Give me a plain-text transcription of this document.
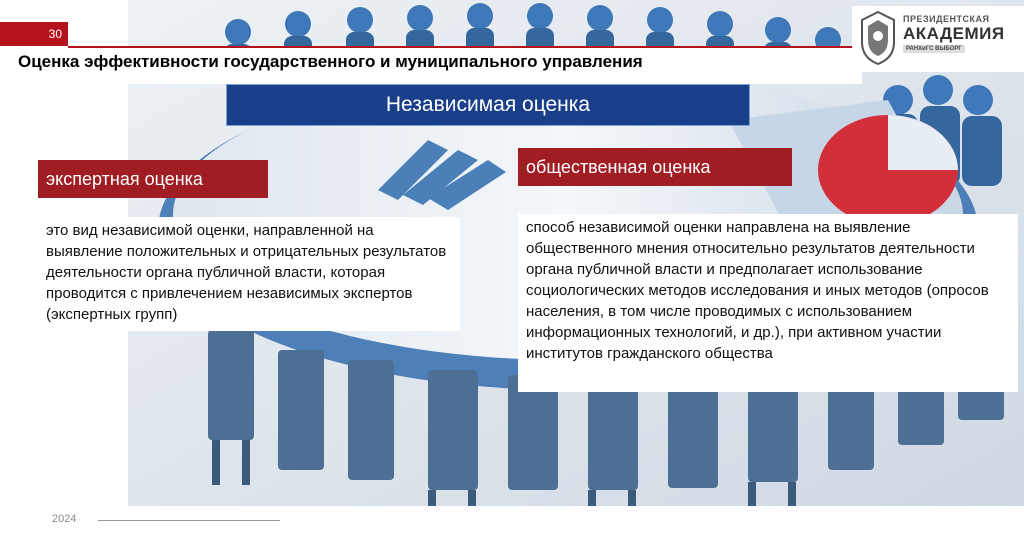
30
Оценка эффективности государственного и муниципального управления
ПРЕЗИДЕНТСКАЯ
АКАДЕМИЯ
РАНХиГС ВЫБОРГ
Независимая оценка
экспертная оценка
общественная оценка
это вид независимой оценки, направленной на выявление положительных и отрицательных результатов деятельности органа публичной власти, которая проводится с привлечением независимых экспертов (экспертных групп)
способ независимой оценки направлена на выявление общественного мнения относительно результатов деятельности органа публичной власти и предполагает использование социологических методов исследования и иных методов (опросов населения, в том числе проводимых с использованием информационных технологий, и др.), при активном участии институтов гражданского общества
2024
